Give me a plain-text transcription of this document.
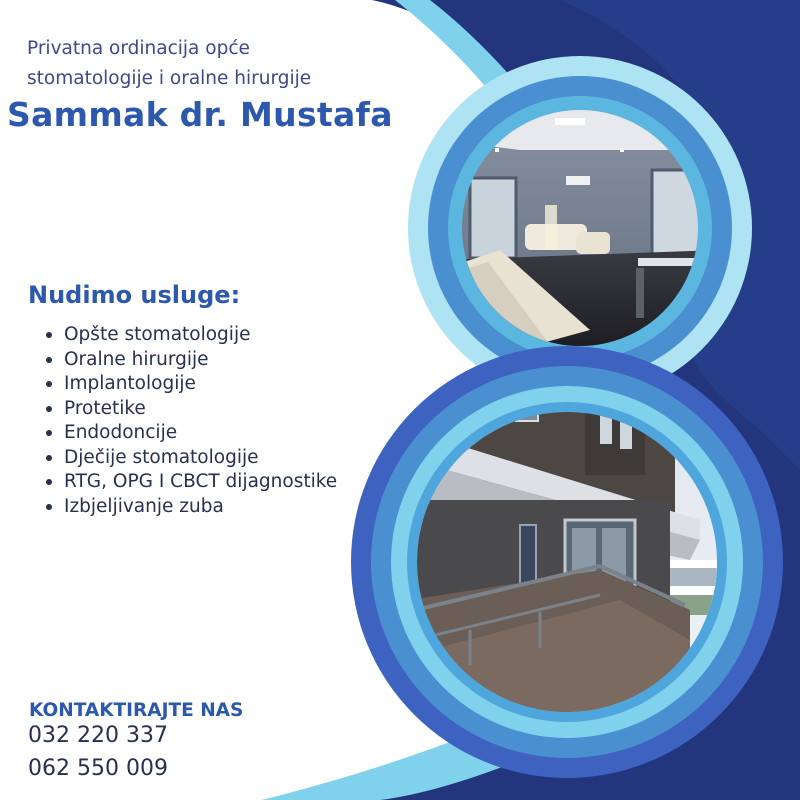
Privatna ordinacija opće
stomatologije i oralne hirurgije
Sammak dr. Mustafa
Nudimo usluge:
Opšte stomatologije
Oralne hirurgije
Implantologije
Protetike
Endodoncije
Dječije stomatologije
RTG, OPG I CBCT dijagnostike
Izbjeljivanje zuba
KONTAKTIRAJTE NAS
032 220 337
062 550 009
